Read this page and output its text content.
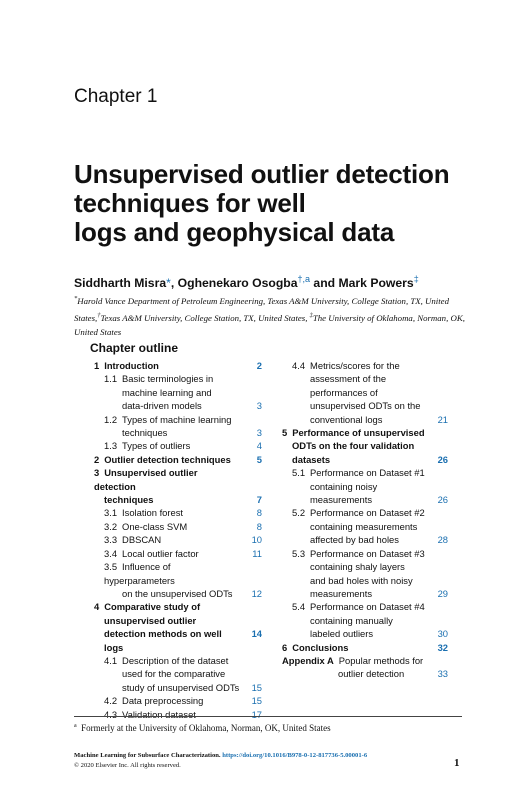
Chapter 1
Unsupervised outlier detection
techniques for well
logs and geophysical data
Siddharth Misra*, Oghenekaro Osogba$^{\dagger,a}$ and Mark Powers‡
*Harold Vance Department of Petroleum Engineering, Texas A&M University, College Station, TX, United States,†Texas A&M University, College Station, TX, United States, ‡The University of Oklahoma, Norman, OK, United States
Chapter outline
1 Introduction	2
1.1 Basic terminologies in
machine learning and
data-driven models	3
1.2 Types of machine learning
techniques	3
1.3 Types of outliers	4
2 Outlier detection techniques	5
3 Unsupervised outlier detection
techniques	7
3.1 Isolation forest	8
3.2 One-class SVM	8
3.3 DBSCAN	10
3.4 Local outlier factor	11
3.5 Influence of hyperparameters
on the unsupervised ODTs 12
4 Comparative study of
unsupervised outlier
detection methods on well logs
14
4.1 Description of the dataset
used for the comparative
study of unsupervised ODTs 15
4.2 Data preprocessing	15
4.3 Validation dataset	17
4.4 Metrics/scores for the
assessment of the
performances of
unsupervised ODTs on the
conventional logs	21
5 Performance of unsupervised
ODTs on the four validation
datasets	26
5.1 Performance on Dataset #1
containing noisy
measurements	26
5.2 Performance on Dataset #2
containing measurements
affected by bad holes	28
5.3 Performance on Dataset #3
containing shaly layers
and bad holes with noisy
measurements	29
5.4 Performance on Dataset #4
containing manually
labeled outliers	30
6 Conclusions	32
Appendix A Popular methods for
outlier detection	33
$^a$ Formerly at the University of Oklahoma, Norman, OK, United States
Machine Learning for Subsurface Characterization. https://doi.org/10.1016/B978-0-12-817736-5.00001-6
© 2020 Elsevier Inc. All rights reserved.	1
